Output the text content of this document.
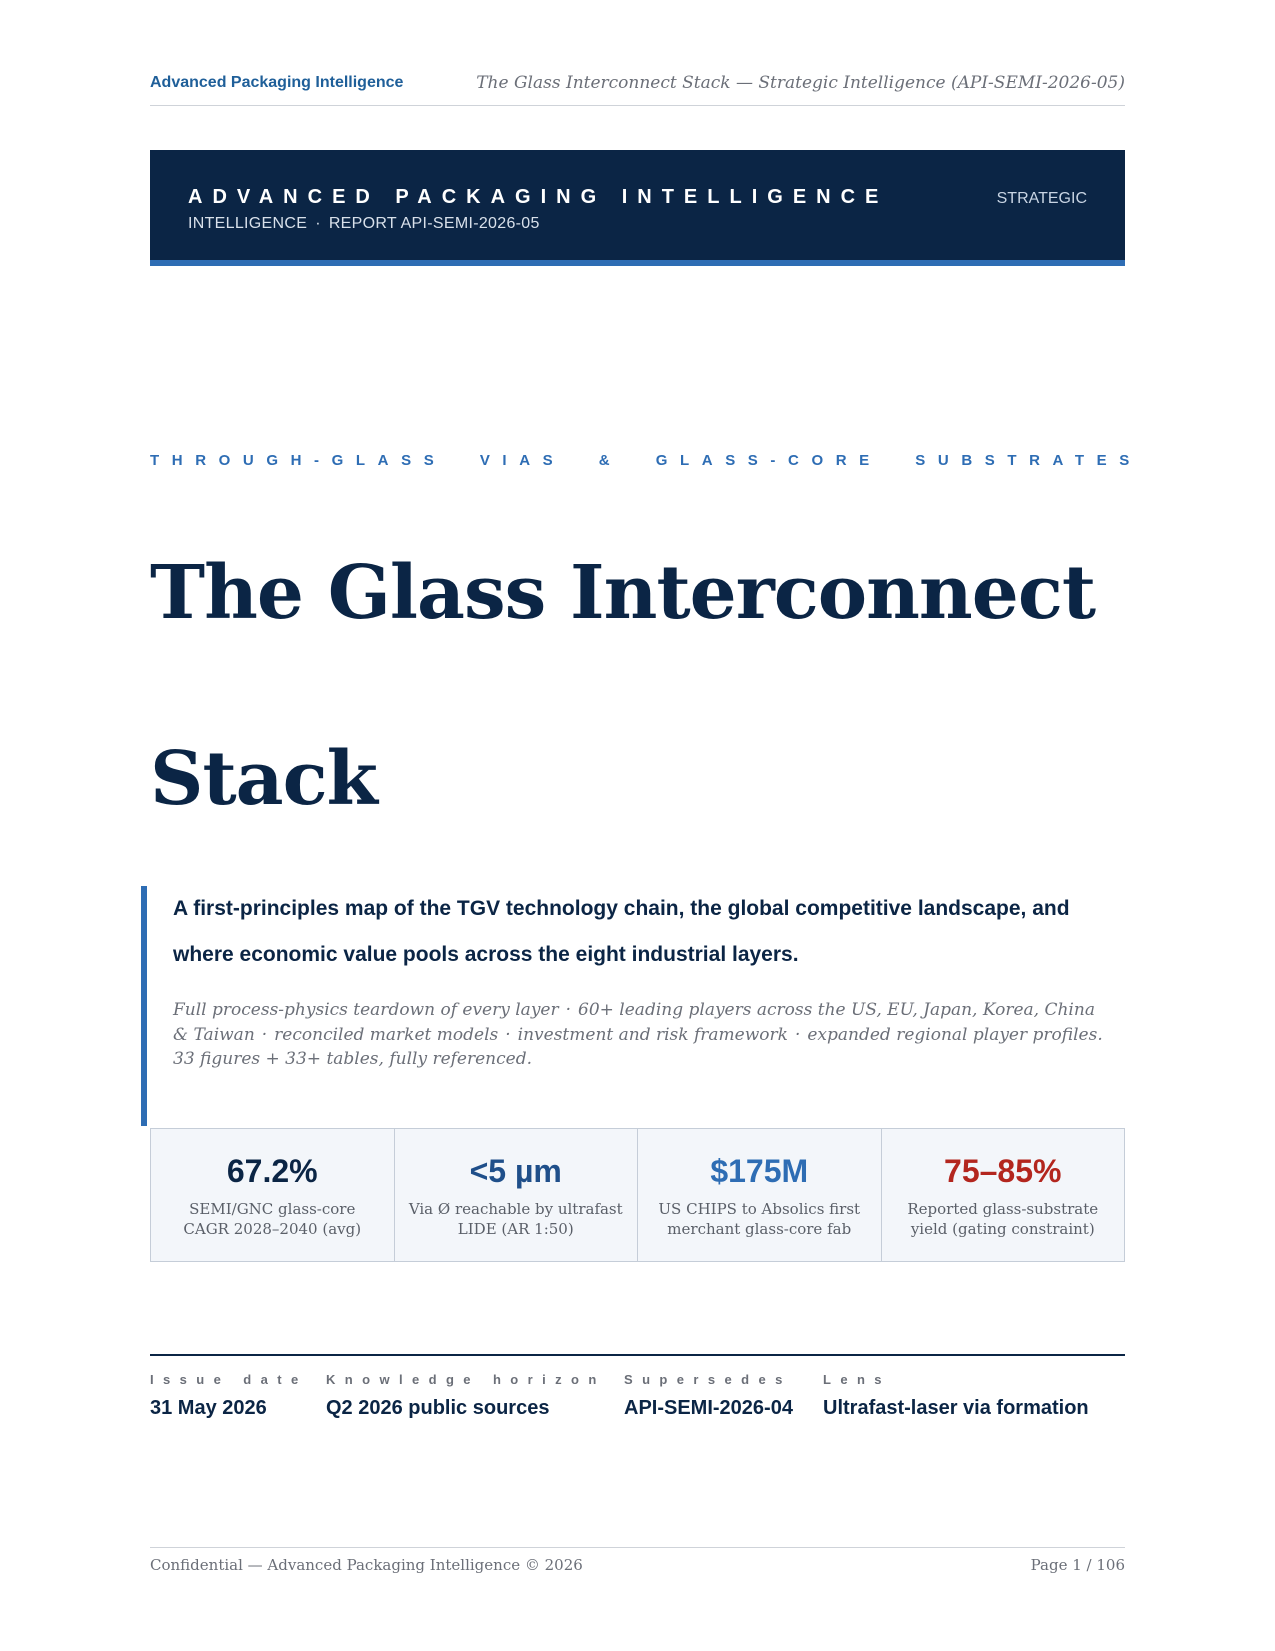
Advanced Packaging Intelligence	The Glass Interconnect Stack — Strategic Intelligence (API-SEMI-2026-05)
ADVANCED PACKAGING INTELLIGENCE
INTELLIGENCE · REPORT API-SEMI-2026-05
STRATEGIC
THROUGH-GLASS  VIAS  &  GLASS-CORE  SUBSTRATES
The Glass Interconnect
Stack
A first-principles map of the TGV technology chain, the global competitive landscape, and where economic value pools across the eight industrial layers.
Full process-physics teardown of every layer · 60+ leading players across the US, EU, Japan, Korea, China & Taiwan · reconciled market models · investment and risk framework · expanded regional player profiles.
33 figures + 33+ tables, fully referenced.
67.2%
SEMI/GNC glass-core CAGR 2028–2040 (avg)
<5 µm
Via Ø reachable by ultrafast LIDE (AR 1:50)
$175M
US CHIPS to Absolics first merchant glass-core fab
75–85%
Reported glass-substrate yield (gating constraint)
Issue date
31 May 2026
Knowledge horizon
Q2 2026 public sources
Supersedes
API-SEMI-2026-04
Lens
Ultrafast-laser via formation
Confidential — Advanced Packaging Intelligence © 2026	Page 1 / 106
